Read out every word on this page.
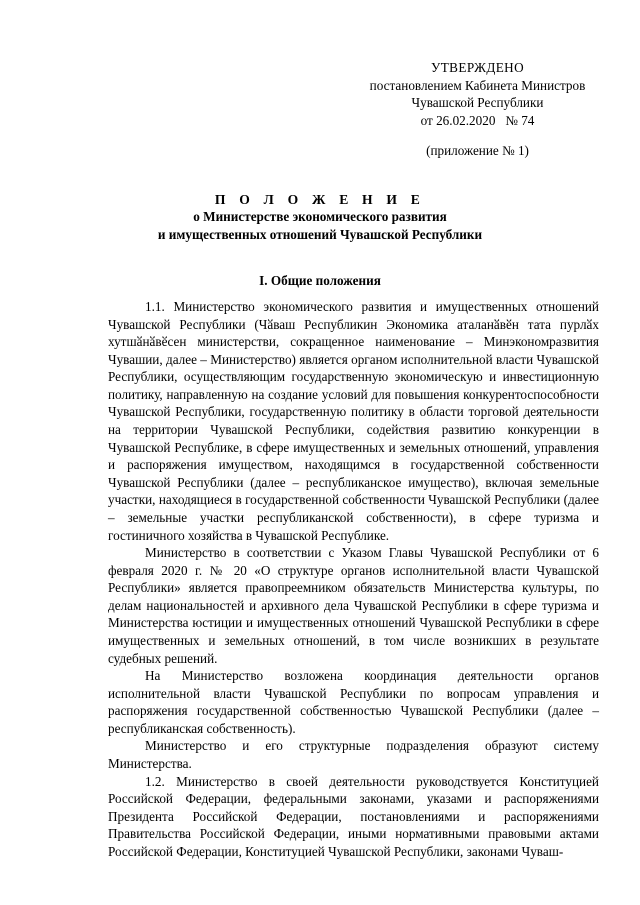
УТВЕРЖДЕНО
постановлением Кабинета Министров
Чувашской Республики
от 26.02.2020   № 74
(приложение № 1)
П О Л О Ж Е Н И Е
о Министерстве экономического развития
и имущественных отношений Чувашской Республики
I. Общие положения

1.1. Министерство экономического развития и имущественных отношений Чувашской Республики (Чӑваш Республикин Экономика аталанӑвӗн тата пурлӑх хутшӑнӑвӗсен министерстви, сокращенное наименование – Минэкономразвития Чувашии, далее – Министерство) является органом исполнительной власти Чувашской Республики, осуществляющим государственную экономическую и инвестиционную политику, направленную на создание условий для повышения конкурентоспособности Чувашской Республики, государственную политику в области торговой деятельности на территории Чувашской Республики, содействия развитию конкуренции в Чувашской Республике, в сфере имущественных и земельных отношений, управления и распоряжения имуществом, находящимся в государственной собственности Чувашской Республики (далее – республиканское имущество), включая земельные участки, находящиеся в государственной собственности Чувашской Республики (далее – земельные участки республиканской собственности), в сфере туризма и гостиничного хозяйства в Чувашской Республике.

Министерство в соответствии с Указом Главы Чувашской Республики от 6 февраля 2020 г. № 20 «О структуре органов исполнительной власти Чувашской Республики» является правопреемником обязательств Министерства культуры, по делам национальностей и архивного дела Чувашской Республики в сфере туризма и Министерства юстиции и имущественных отношений Чувашской Республики в сфере имущественных и земельных отношений, в том числе возникших в результате судебных решений.

На Министерство возложена координация деятельности органов исполнительной власти Чувашской Республики по вопросам управления и распоряжения государственной собственностью Чувашской Республики (далее – республиканская собственность).

Министерство и его структурные подразделения образуют систему Министерства.

1.2. Министерство в своей деятельности руководствуется Конституцией Российской Федерации, федеральными законами, указами и распоряжениями Президента Российской Федерации, постановлениями и распоряжениями Правительства Российской Федерации, иными нормативными правовыми актами Российской Федерации, Конституцией Чувашской Республики, законами Чуваш-
